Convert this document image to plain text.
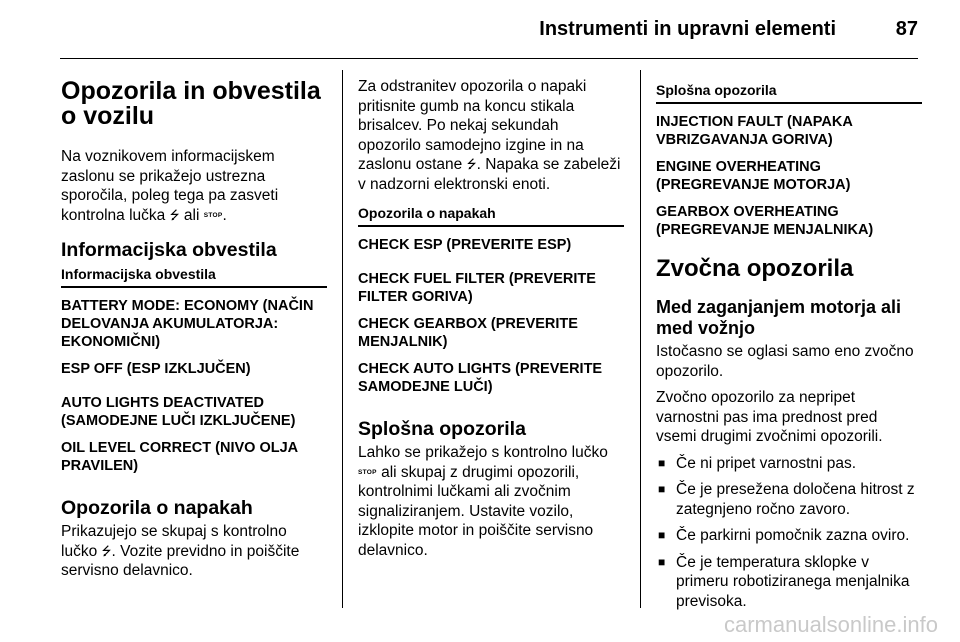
Instrumenti in upravni elementi	87
Opozorila in obvestila o vozilu
Na voznikovem informacijskem zaslonu se prikažejo ustrezna sporočila, poleg tega pa zasveti kontrolna lučka ⭍ ali STOP.
Informacijska obvestila
Informacijska obvestila
BATTERY MODE: ECONOMY (NAČIN DELOVANJA AKUMULATORJA: EKONOMIČNI)
ESP OFF (ESP IZKLJUČEN)
AUTO LIGHTS DEACTIVATED (SAMODEJNE LUČI IZKLJUČENE)
OIL LEVEL CORRECT (NIVO OLJA PRAVILEN)
Opozorila o napakah
Prikazujejo se skupaj s kontrolno lučko ⭍. Vozite previdno in poiščite servisno delavnico.
Za odstranitev opozorila o napaki pritisnite gumb na koncu stikala brisalcev. Po nekaj sekundah opozorilo samodejno izgine in na zaslonu ostane ⭍. Napaka se zabeleži v nadzorni elektronski enoti.
Opozorila o napakah
CHECK ESP (PREVERITE ESP)
CHECK FUEL FILTER (PREVERITE FILTER GORIVA)
CHECK GEARBOX (PREVERITE MENJALNIK)
CHECK AUTO LIGHTS (PREVERITE SAMODEJNE LUČI)
Splošna opozorila
Lahko se prikažejo s kontrolno lučko STOP ali skupaj z drugimi opozorili, kontrolnimi lučkami ali zvočnim signaliziranjem. Ustavite vozilo, izklopite motor in poiščite servisno delavnico.
Splošna opozorila
INJECTION FAULT (NAPAKA VBRIZGAVANJA GORIVA)
ENGINE OVERHEATING (PREGREVANJE MOTORJA)
GEARBOX OVERHEATING (PREGREVANJE MENJALNIKA)
Zvočna opozorila
Med zaganjanjem motorja ali med vožnjo
Istočasno se oglasi samo eno zvočno opozorilo.
Zvočno opozorilo za nepripet varnostni pas ima prednost pred vsemi drugimi zvočnimi opozorili.
■ Če ni pripet varnostni pas.
■ Če je presežena določena hitrost z zategnjeno ročno zavoro.
■ Če parkirni pomočnik zazna oviro.
■ Če je temperatura sklopke v primeru robotiziranega menjalnika previsoka.
carmanualsonline.info
